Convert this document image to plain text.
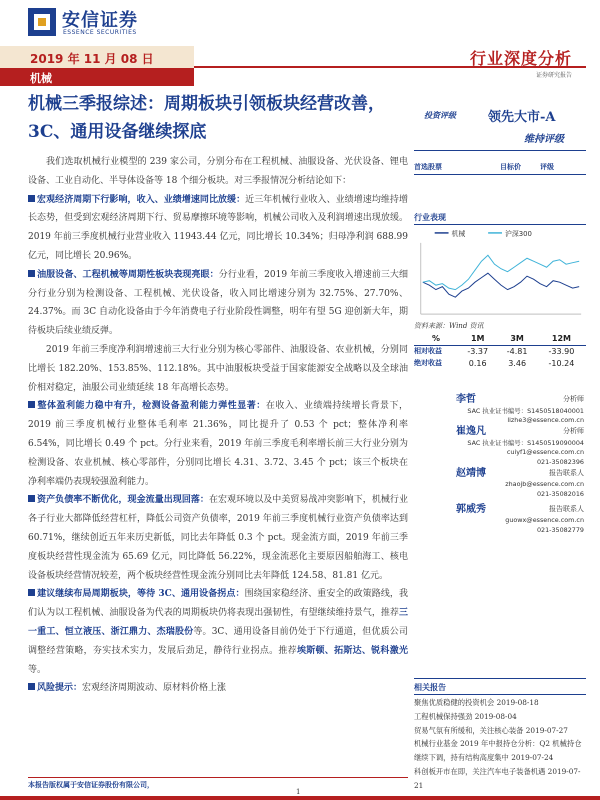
安信证券
ESSENCE SECURITIES
2019 年 11 月 08 日
机械
行业深度分析
证券研究报告
机械三季报综述：周期板块引领板块经营改善，3C、通用设备继续探底
投资评级 领先大市-A
维持评级

我们选取机械行业模型的 239 家公司，分别分布在工程机械、油服设备、光伏设备、锂电设备、工业自动化、半导体设备等 18 个细分板块。对三季报情况分析结论如下：

宏观经济周期下行影响，收入、业绩增速同比放缓：近三年机械行业收入、业绩增速均维持增长态势，但受到宏观经济周期下行、贸易摩擦环境等影响，机械公司收入及利润增速出现放缓。2019 年前三季度机械行业营业收入 11943.44 亿元，同比增长 10.34%；归母净利润 688.99 亿元，同比增长 20.96%。

油服设备、工程机械等周期性板块表现亮眼：分行业看，2019 年前三季度收入增速前三大细分行业分别为检测设备、工程机械、光伏设备，收入同比增速分别为 32.75%、27.70%、24.37%。而 3C 自动化设备由于今年消费电子行业阶段性调整，明年有望 5G 迎创新大年，期待板块后续业绩反弹。

2019 年前三季度净利润增速前三大行业分别为核心零部件、油服设备、农业机械，分别同比增长 182.20%、153.85%、112.18%。其中油服板块受益于国家能源安全战略以及全球油价相对稳定，油服公司业绩延续 18 年高增长态势。

整体盈利能力稳中有升，检测设备盈利能力弹性显著：在收入、业绩端持续增长背景下，2019 前三季度机械行业整体毛利率 21.36%，同比提升了 0.53 个 pct；整体净利率 6.54%，同比增长 0.49 个 pct。分行业来看，2019 年前三季度毛利率增长前三大行业分别为检测设备、农业机械、核心零部件，分别同比增长 4.31、3.72、3.45 个 pct；该三个板块在净利率端仍表现较强盈利能力。

资产负债率不断优化，现金流量出现回落：在宏观环境以及中美贸易战冲突影响下，机械行业各子行业大都降低经营杠杆，降低公司资产负债率，2019 年前三季度机械行业资产负债率达到 60.71%，继续创近五年来历史新低，同比去年降低 0.3 个 pct。现金流方面，2019 年前三季度板块经营性现金流为 65.69 亿元，同比降低 56.22%，现金流恶化主要原因船舶海工、核电设备板块经营情况较差，两个板块经营性现金流分别同比去年降低 124.58、81.81 亿元。

建议继续布局周期板块，等待 3C、通用设备拐点：围绕国家稳经济、重安全的政策路线，我们认为以工程机械、油服设备为代表的周期板块仍将表现出强韧性，有望继续维持景气，推荐三一重工、恒立液压、浙江鼎力、杰瑞股份等。3C、通用设备目前仍处于下行通道，但优质公司调整经营策略，夯实技术实力，发展后劲足，静待行业拐点。推荐埃斯顿、拓斯达、锐科激光等。

风险提示：宏观经济周期波动、原材料价格上涨

本报告版权属于安信证券股份有限公司，
1
首选股票	目标价	评级
行业表现
机械	沪深300
资料来源：Wind 资讯
%	1M	3M	12M
相对收益	-3.37	-4.81	-33.90
绝对收益	0.16	3.46	-10.24
李哲	分析师
SAC 执业证书编号：S1450518040001
lizhe3@essence.com.cn
崔逸凡	分析师
SAC 执业证书编号：S1450519090004
cuiyf1@essence.com.cn
021-35082396
赵靖博	报告联系人
zhaojb@essence.com.cn
021-35082016
郭威秀	报告联系人
guowx@essence.com.cn
021-35082779
相关报告
聚焦优质稳健的投资机会 2019-08-18
工程机械保持强劲 2019-08-04
贸易气氛有所缓和，关注核心装备 2019-07-27
机械行业基金 2019 年中报持仓分析：Q2 机械持仓继续下调，持有结构高度集中 2019-07-24
科创板开市在即，关注汽车电子装备机遇 2019-07-21
